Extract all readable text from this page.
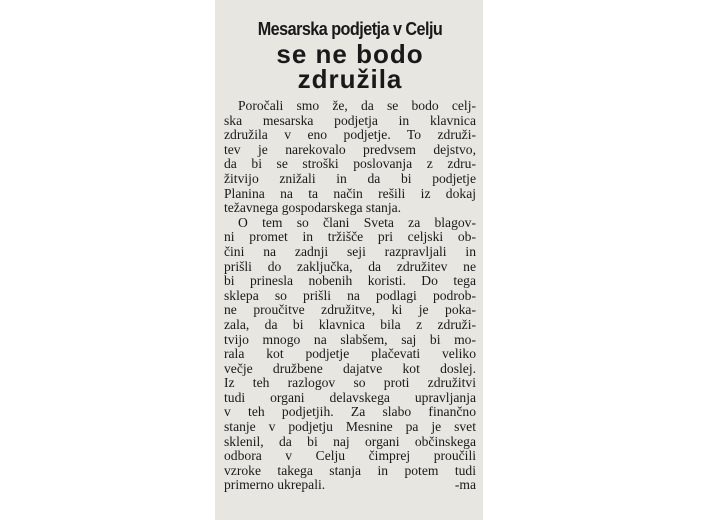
Mesarska podjetja v Celju
se ne bodo
združila
Poročali smo že, da se bodo celj-
ska mesarska podjetja in klavnica
združila v eno podjetje. To združi-
tev je narekovalo predvsem dejstvo,
da bi se stroški poslovanja z zdru-
žitvijo znižali in da bi podjetje
Planina na ta način rešili iz dokaj
težavnega gospodarskega stanja.
O tem so člani Sveta za blagov-
ni promet in tržišče pri celjski ob-
čini na zadnji seji razpravljali in
prišli do zaključka, da združitev ne
bi prinesla nobenih koristi. Do tega
sklepa so prišli na podlagi podrob-
ne proučitve združitve, ki je poka-
zala, da bi klavnica bila z združi-
tvijo mnogo na slabšem, saj bi mo-
rala kot podjetje plačevati veliko
večje družbene dajatve kot doslej.
Iz teh razlogov so proti združitvi
tudi organi delavskega upravljanja
v teh podjetjih. Za slabo finančno
stanje v podjetju Mesnine pa je svet
sklenil, da bi naj organi občinskega
odbora v Celju čimprej proučili
vzroke takega stanja in potem tudi
primerno ukrepali.	-ma
